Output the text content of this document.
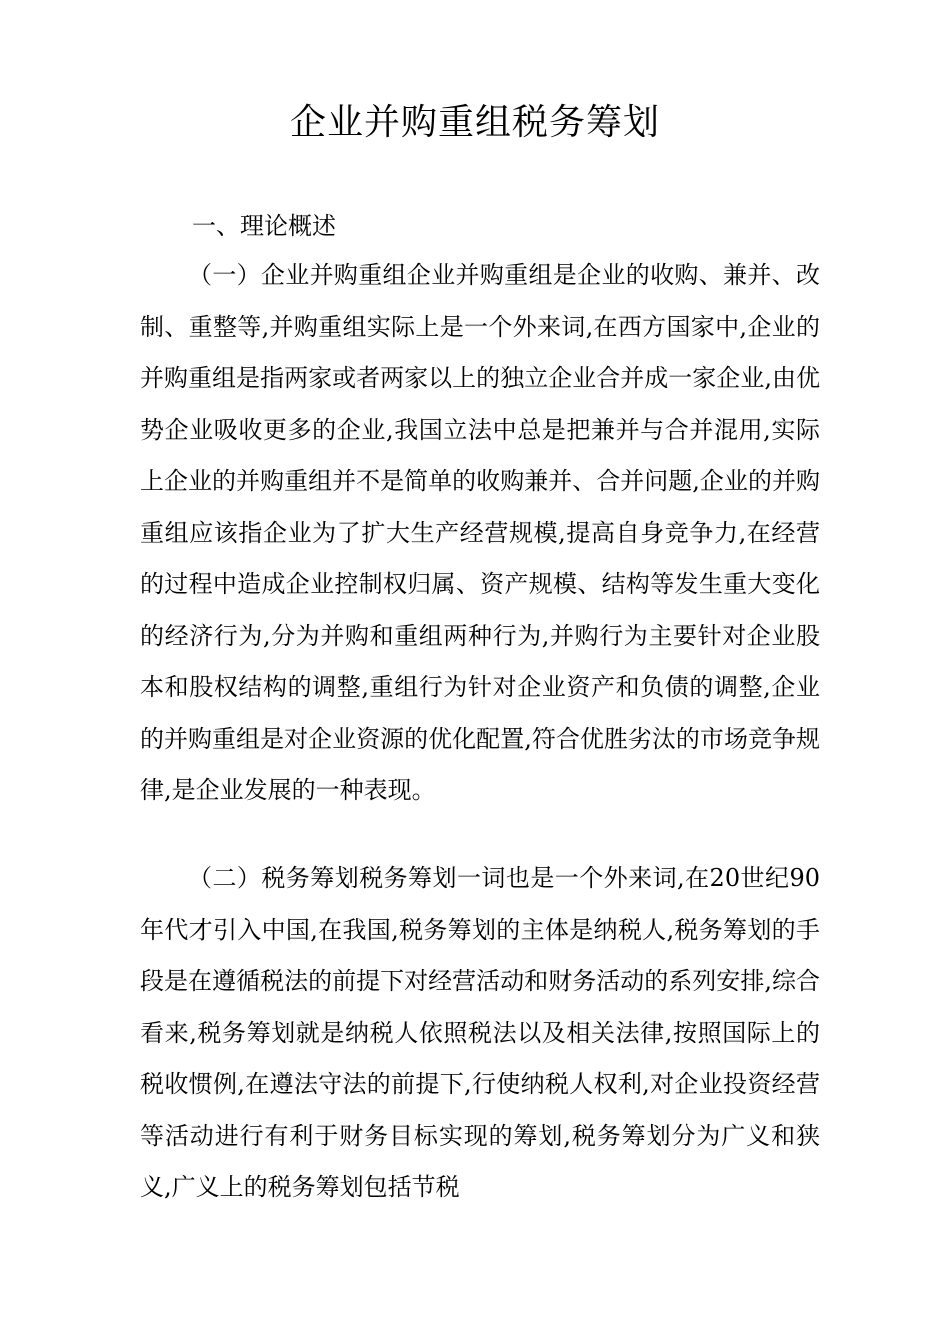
企业并购重组税务筹划
一、理论概述

（一）企业并购重组企业并购重组是企业的收购、兼并、改制、重整等,并购重组实际上是一个外来词,在西方国家中,企业的并购重组是指两家或者两家以上的独立企业合并成一家企业,由优势企业吸收更多的企业,我国立法中总是把兼并与合并混用,实际上企业的并购重组并不是简单的收购兼并、合并问题,企业的并购重组应该指企业为了扩大生产经营规模,提高自身竞争力,在经营的过程中造成企业控制权归属、资产规模、结构等发生重大变化的经济行为,分为并购和重组两种行为,并购行为主要针对企业股本和股权结构的调整,重组行为针对企业资产和负债的调整,企业的并购重组是对企业资源的优化配置,符合优胜劣汰的市场竞争规律,是企业发展的一种表现。

（二）税务筹划税务筹划一词也是一个外来词,在20世纪90年代才引入中国,在我国,税务筹划的主体是纳税人,税务筹划的手段是在遵循税法的前提下对经营活动和财务活动的系列安排,综合看来,税务筹划就是纳税人依照税法以及相关法律,按照国际上的税收惯例,在遵法守法的前提下,行使纳税人权利,对企业投资经营等活动进行有利于财务目标实现的筹划,税务筹划分为广义和狭义,广义上的税务筹划包括节税
